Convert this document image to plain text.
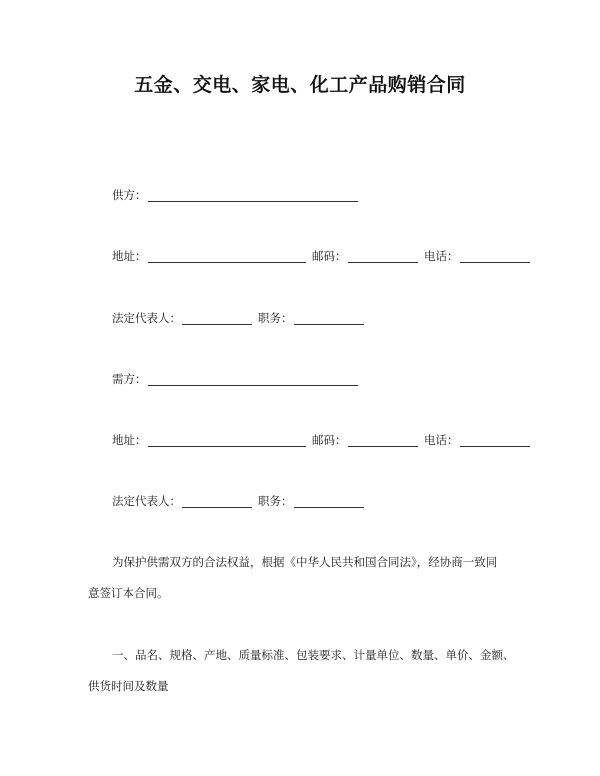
五金、交电、家电、化工产品购销合同
供方：
地址：	邮码：	电话：
法定代表人：	职务：
需方：
地址：	邮码：	电话：
法定代表人：	职务：
为保护供需双方的合法权益，根据《中华人民共和国合同法》，经协商一致同
意签订本合同。
一、品名、规格、产地、质量标准、包装要求、计量单位、数量、单价、金额、
供货时间及数量
